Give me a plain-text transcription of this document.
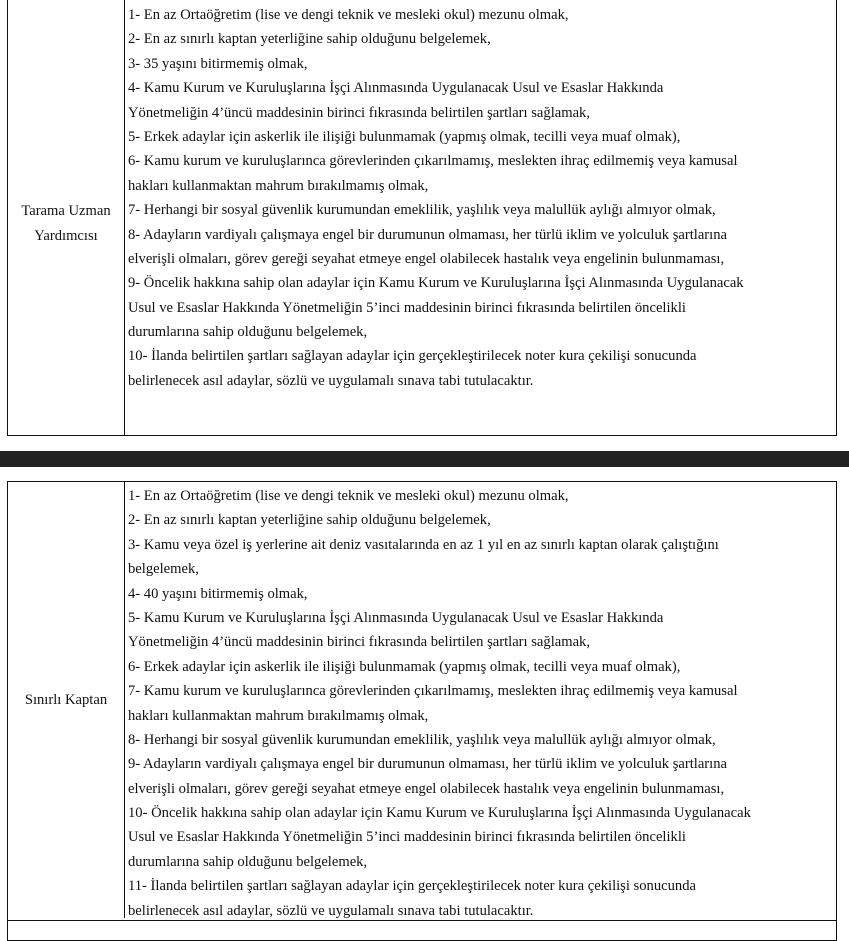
Tarama Uzman Yardımcısı
1- En az Ortaöğretim (lise ve dengi teknik ve mesleki okul) mezunu olmak,
2- En az sınırlı kaptan yeterliğine sahip olduğunu belgelemek,
3- 35 yaşını bitirmemiş olmak,
4- Kamu Kurum ve Kuruluşlarına İşçi Alınmasında Uygulanacak Usul ve Esaslar Hakkında
Yönetmeliğin 4’üncü maddesinin birinci fıkrasında belirtilen şartları sağlamak,
5- Erkek adaylar için askerlik ile ilişiği bulunmamak (yapmış olmak, tecilli veya muaf olmak),
6- Kamu kurum ve kuruluşlarınca görevlerinden çıkarılmamış, meslekten ihraç edilmemiş veya kamusal
hakları kullanmaktan mahrum bırakılmamış olmak,
7- Herhangi bir sosyal güvenlik kurumundan emeklilik, yaşlılık veya malullük aylığı almıyor olmak,
8- Adayların vardiyalı çalışmaya engel bir durumunun olmaması, her türlü iklim ve yolculuk şartlarına
elverişli olmaları, görev gereği seyahat etmeye engel olabilecek hastalık veya engelinin bulunmaması,
9- Öncelik hakkına sahip olan adaylar için Kamu Kurum ve Kuruluşlarına İşçi Alınmasında Uygulanacak
Usul ve Esaslar Hakkında Yönetmeliğin 5’inci maddesinin birinci fıkrasında belirtilen öncelikli
durumlarına sahip olduğunu belgelemek,
10- İlanda belirtilen şartları sağlayan adaylar için gerçekleştirilecek noter kura çekilişi sonucunda
belirlenecek asıl adaylar, sözlü ve uygulamalı sınava tabi tutulacaktır.
Sınırlı Kaptan
1- En az Ortaöğretim (lise ve dengi teknik ve mesleki okul) mezunu olmak,
2- En az sınırlı kaptan yeterliğine sahip olduğunu belgelemek,
3- Kamu veya özel iş yerlerine ait deniz vasıtalarında en az 1 yıl en az sınırlı kaptan olarak çalıştığını
belgelemek,
4- 40 yaşını bitirmemiş olmak,
5- Kamu Kurum ve Kuruluşlarına İşçi Alınmasında Uygulanacak Usul ve Esaslar Hakkında
Yönetmeliğin 4’üncü maddesinin birinci fıkrasında belirtilen şartları sağlamak,
6- Erkek adaylar için askerlik ile ilişiği bulunmamak (yapmış olmak, tecilli veya muaf olmak),
7- Kamu kurum ve kuruluşlarınca görevlerinden çıkarılmamış, meslekten ihraç edilmemiş veya kamusal
hakları kullanmaktan mahrum bırakılmamış olmak,
8- Herhangi bir sosyal güvenlik kurumundan emeklilik, yaşlılık veya malullük aylığı almıyor olmak,
9- Adayların vardiyalı çalışmaya engel bir durumunun olmaması, her türlü iklim ve yolculuk şartlarına
elverişli olmaları, görev gereği seyahat etmeye engel olabilecek hastalık veya engelinin bulunmaması,
10- Öncelik hakkına sahip olan adaylar için Kamu Kurum ve Kuruluşlarına İşçi Alınmasında Uygulanacak
Usul ve Esaslar Hakkında Yönetmeliğin 5’inci maddesinin birinci fıkrasında belirtilen öncelikli
durumlarına sahip olduğunu belgelemek,
11- İlanda belirtilen şartları sağlayan adaylar için gerçekleştirilecek noter kura çekilişi sonucunda
belirlenecek asıl adaylar, sözlü ve uygulamalı sınava tabi tutulacaktır.
